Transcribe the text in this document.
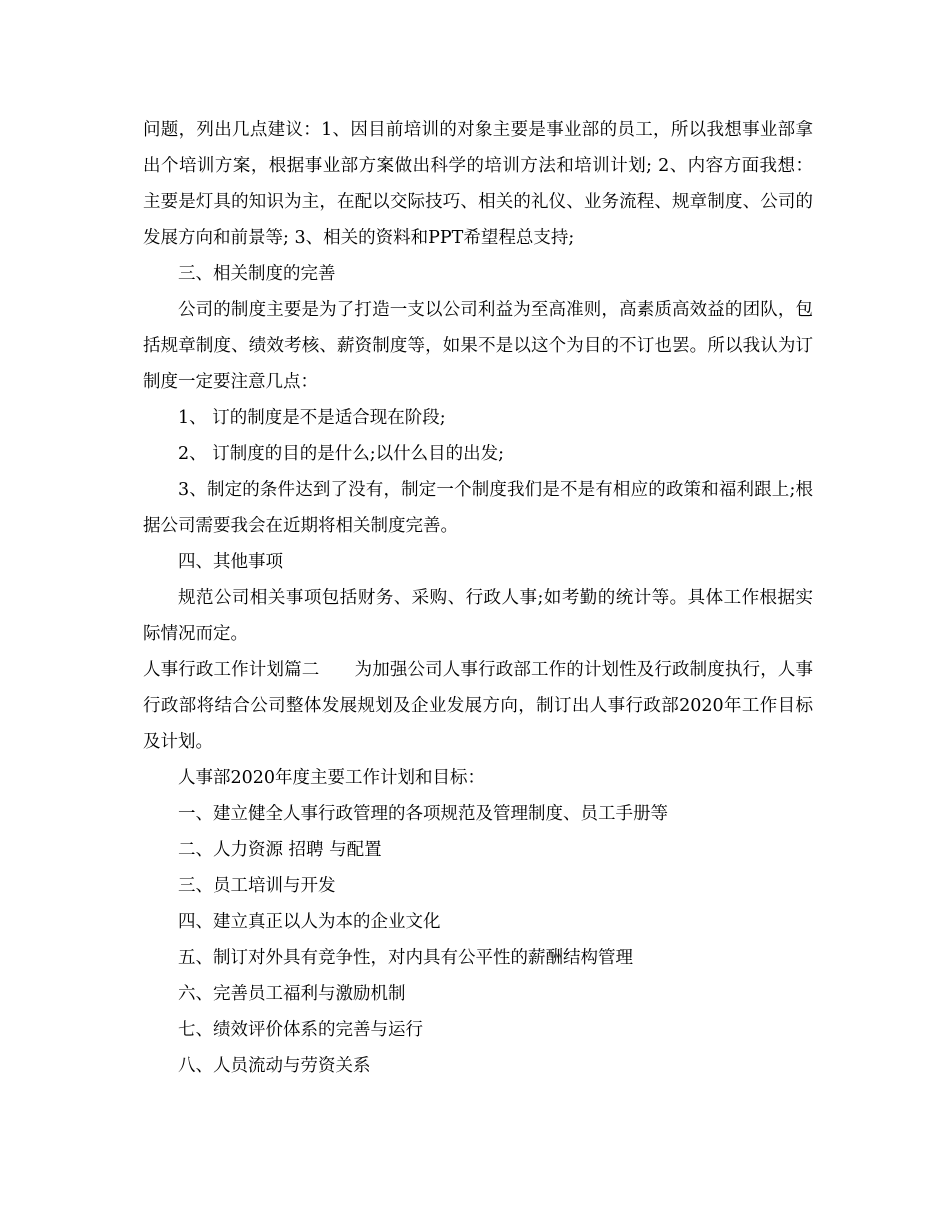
问题，列出几点建议：1、因目前培训的对象主要是事业部的员工，所以我想事业部拿出个培训方案，根据事业部方案做出科学的培训方法和培训计划; 2、内容方面我想：主要是灯具的知识为主，在配以交际技巧、相关的礼仪、业务流程、规章制度、公司的发展方向和前景等; 3、相关的资料和PPT希望程总支持;

三、相关制度的完善

公司的制度主要是为了打造一支以公司利益为至高准则，高素质高效益的团队，包括规章制度、绩效考核、薪资制度等，如果不是以这个为目的不订也罢。所以我认为订制度一定要注意几点：

1、 订的制度是不是适合现在阶段;

2、 订制度的目的是什么;以什么目的出发;

3、制定的条件达到了没有，制定一个制度我们是不是有相应的政策和福利跟上;根据公司需要我会在近期将相关制度完善。

四、其他事项

规范公司相关事项包括财务、采购、行政人事;如考勤的统计等。具体工作根据实际情况而定。

人事行政工作计划篇二　　为加强公司人事行政部工作的计划性及行政制度执行，人事行政部将结合公司整体发展规划及企业发展方向，制订出人事行政部2020年工作目标及计划。

人事部2020年度主要工作计划和目标：

一、建立健全人事行政管理的各项规范及管理制度、员工手册等

二、人力资源 招聘 与配置

三、员工培训与开发

四、建立真正以人为本的企业文化

五、制订对外具有竞争性，对内具有公平性的薪酬结构管理

六、完善员工福利与激励机制

七、绩效评价体系的完善与运行

八、人员流动与劳资关系
